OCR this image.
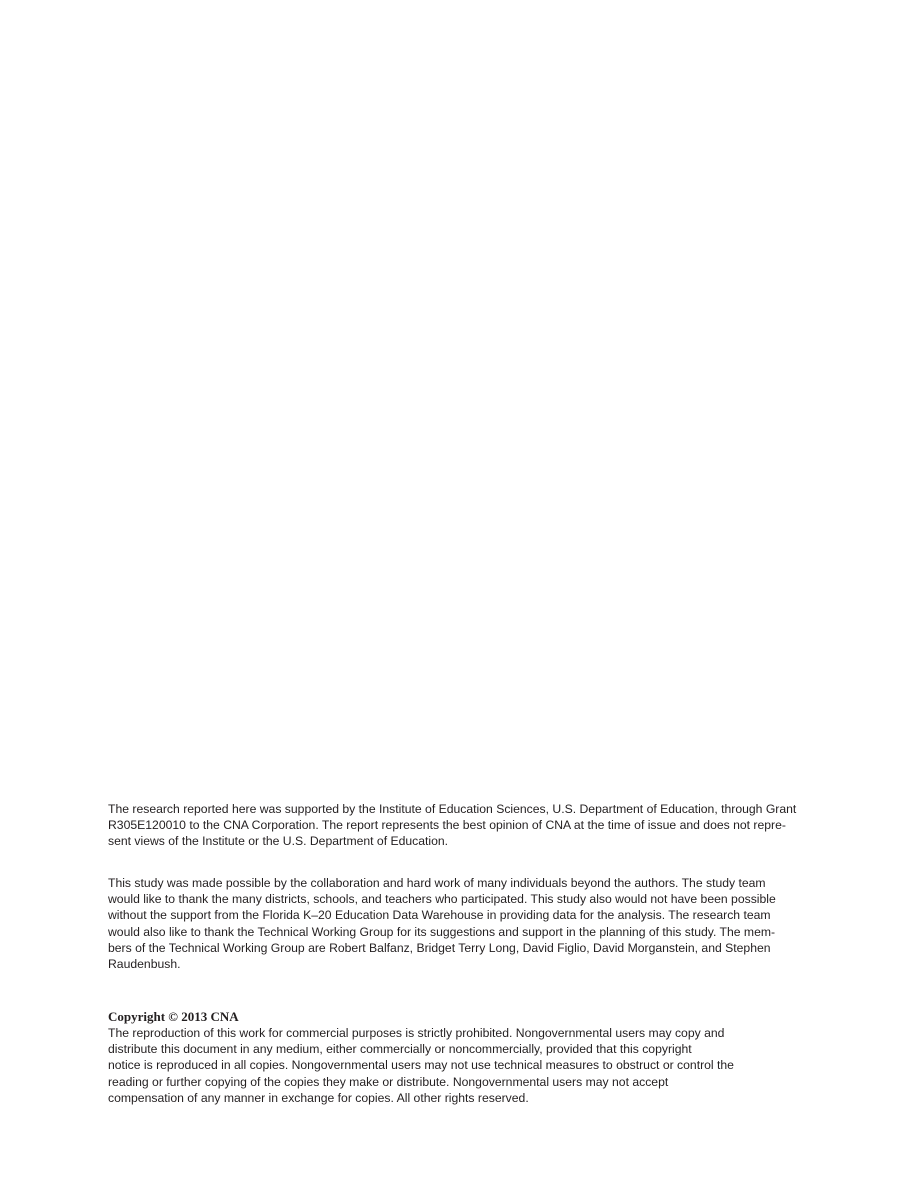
The research reported here was supported by the Institute of Education Sciences, U.S. Department of Education, through Grant
R305E120010 to the CNA Corporation. The report represents the best opinion of CNA at the time of issue and does not repre-
sent views of the Institute or the U.S. Department of Education.
This study was made possible by the collaboration and hard work of many individuals beyond the authors. The study team
would like to thank the many districts, schools, and teachers who participated. This study also would not have been possible
without the support from the Florida K–20 Education Data Warehouse in providing data for the analysis. The research team
would also like to thank the Technical Working Group for its suggestions and support in the planning of this study. The mem-
bers of the Technical Working Group are Robert Balfanz, Bridget Terry Long, David Figlio, David Morganstein, and Stephen
Raudenbush.
Copyright © 2013 CNA
The reproduction of this work for commercial purposes is strictly prohibited. Nongovernmental users may copy and
distribute this document in any medium, either commercially or noncommercially, provided that this copyright
notice is reproduced in all copies. Nongovernmental users may not use technical measures to obstruct or control the
reading or further copying of the copies they make or distribute. Nongovernmental users may not accept
compensation of any manner in exchange for copies. All other rights reserved.
